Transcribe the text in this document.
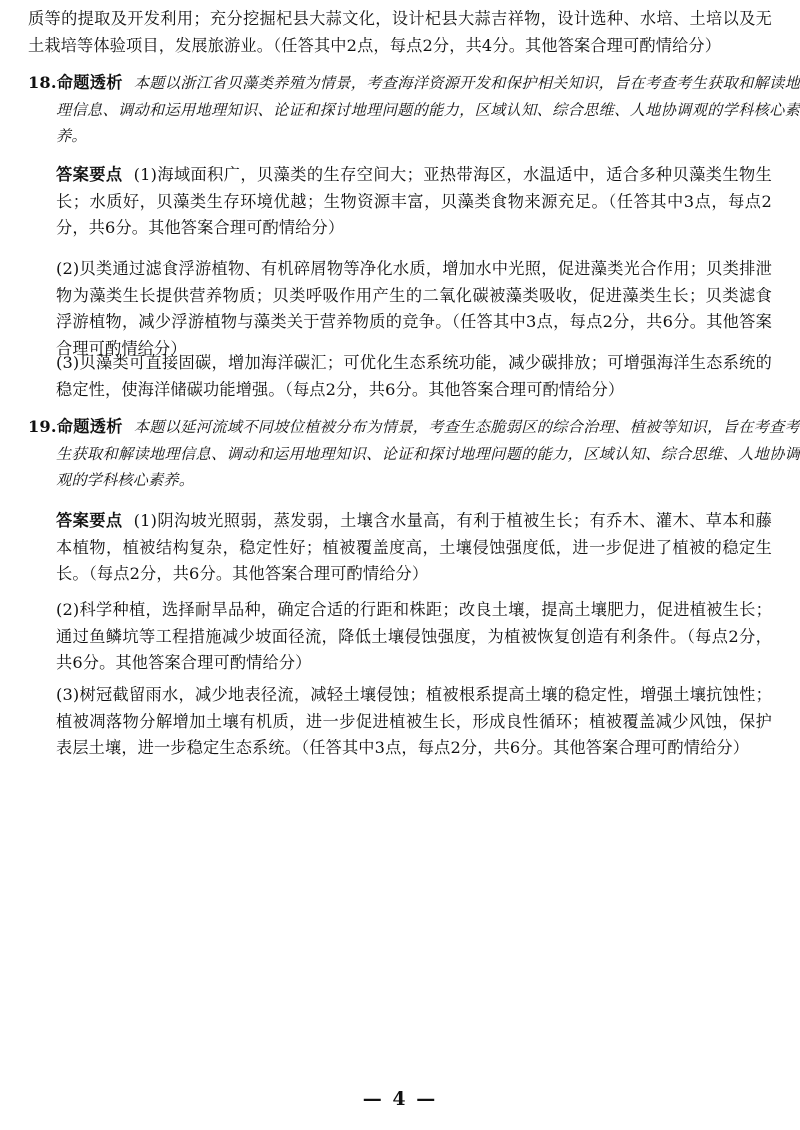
质等的提取及开发利用；充分挖掘杞县大蒜文化，设计杞县大蒜吉祥物，设计选种、水培、土培以及无土栽培等体验项目，发展旅游业。（任答其中2点，每点2分，共4分。其他答案合理可酌情给分）

18.命题透析 本题以浙江省贝藻类养殖为情景，考查海洋资源开发和保护相关知识，旨在考查考生获取和解读地理信息、调动和运用地理知识、论证和探讨地理问题的能力，区域认知、综合思维、人地协调观的学科核心素养。

答案要点 (1)海域面积广，贝藻类的生存空间大；亚热带海区，水温适中，适合多种贝藻类生物生长；水质好，贝藻类生存环境优越；生物资源丰富，贝藻类食物来源充足。（任答其中3点，每点2分，共6分。其他答案合理可酌情给分）

(2)贝类通过滤食浮游植物、有机碎屑物等净化水质，增加水中光照，促进藻类光合作用；贝类排泄物为藻类生长提供营养物质；贝类呼吸作用产生的二氧化碳被藻类吸收，促进藻类生长；贝类滤食浮游植物，减少浮游植物与藻类关于营养物质的竞争。（任答其中3点，每点2分，共6分。其他答案合理可酌情给分）

(3)贝藻类可直接固碳，增加海洋碳汇；可优化生态系统功能，减少碳排放；可增强海洋生态系统的稳定性，使海洋储碳功能增强。（每点2分，共6分。其他答案合理可酌情给分）

19.命题透析 本题以延河流域不同坡位植被分布为情景，考查生态脆弱区的综合治理、植被等知识，旨在考查考生获取和解读地理信息、调动和运用地理知识、论证和探讨地理问题的能力，区域认知、综合思维、人地协调观的学科核心素养。

答案要点 (1)阴沟坡光照弱，蒸发弱，土壤含水量高，有利于植被生长；有乔木、灌木、草本和藤本植物，植被结构复杂，稳定性好；植被覆盖度高，土壤侵蚀强度低，进一步促进了植被的稳定生长。（每点2分，共6分。其他答案合理可酌情给分）

(2)科学种植，选择耐旱品种，确定合适的行距和株距；改良土壤，提高土壤肥力，促进植被生长；通过鱼鳞坑等工程措施减少坡面径流，降低土壤侵蚀强度，为植被恢复创造有利条件。（每点2分，共6分。其他答案合理可酌情给分）

(3)树冠截留雨水，减少地表径流，减轻土壤侵蚀；植被根系提高土壤的稳定性，增强土壤抗蚀性；植被凋落物分解增加土壤有机质，进一步促进植被生长，形成良性循环；植被覆盖减少风蚀，保护表层土壤，进一步稳定生态系统。（任答其中3点，每点2分，共6分。其他答案合理可酌情给分）

— 4 —
